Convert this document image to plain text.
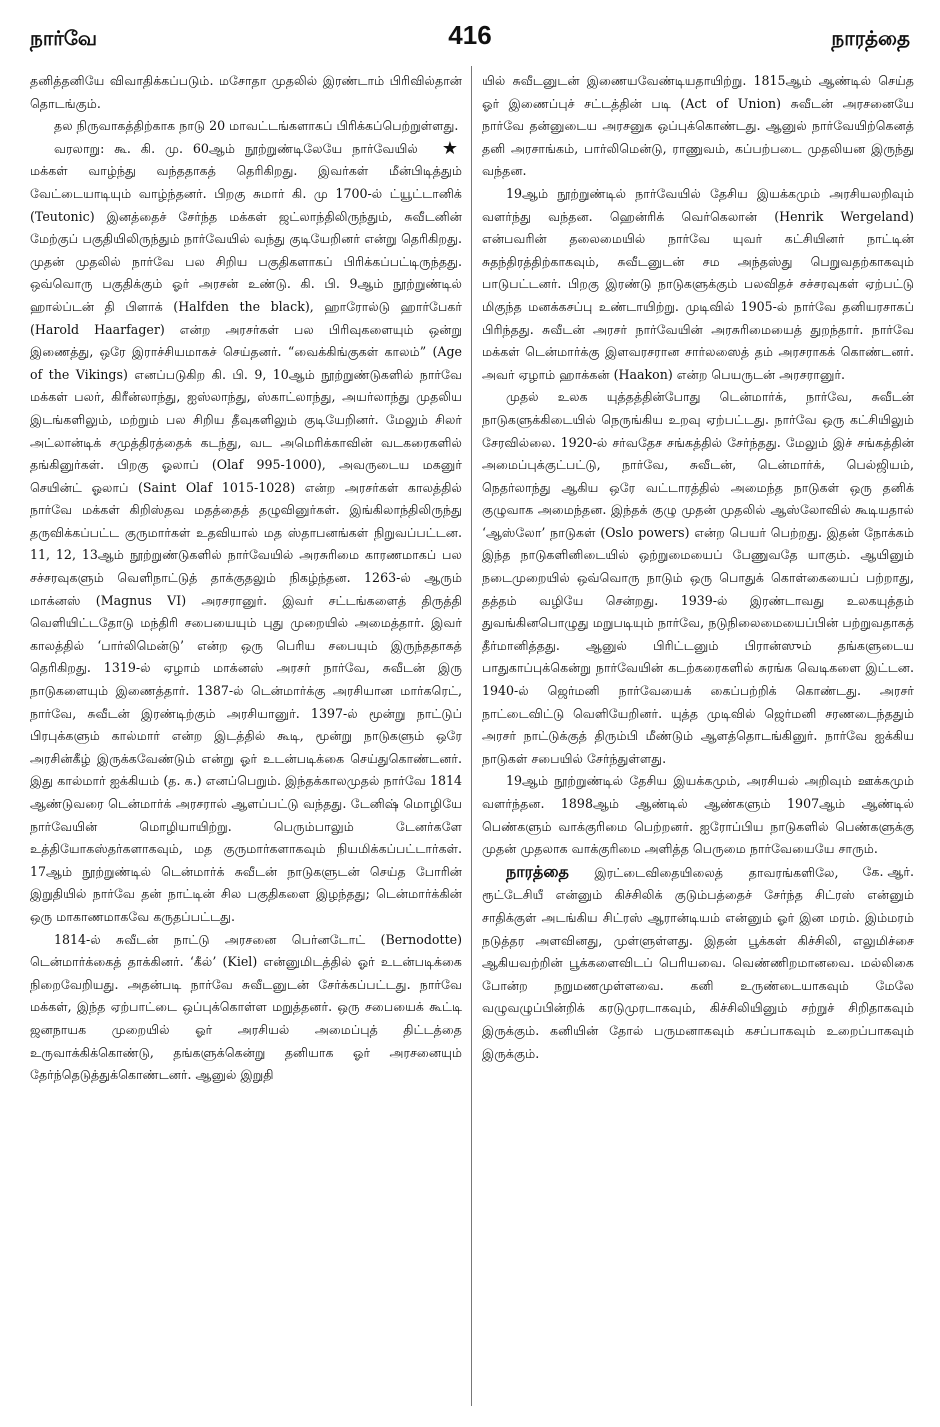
நார்வே	416	நாரத்தை

தனித்தனியே விவாதிக்கப்படும். மசோதா முதலில் இரண்டாம் பிரிவில்தான் தொடங்கும்.

தல நிருவாகத்திற்காக நாடு 20 மாவட்டங்களாகப் பிரிக்கப்பெற்றுள்ளது.
★

வரலாறு: கூ. கி. மு. 60ஆம் நூற்றுண்டிலேயே நார்வேயில் மக்கள் வாழ்ந்து வந்ததாகத் தெரிகிறது. இவர்கள் மீன்பிடித்தும் வேட்டையாடியும் வாழ்ந்தனர். பிறகு சுமார் கி. மு 1700-ல் ட்யூட்டானிக் (Teutonic) இனத்தைச் சேர்ந்த மக்கள் ஜட்லாந்திலிருந்தும், சுவீடனின் மேற்குப் பகுதியிலிருந்தும் நார்வேயில் வந்து குடியேறினர் என்று தெரிகிறது. முதன் முதலில் நார்வே பல சிறிய பகுதிகளாகப் பிரிக்கப்பட்டிருந்தது. ஒவ்வொரு பகுதிக்கும் ஓர் அரசன் உண்டு. கி. பி. 9ஆம் நூற்றுண்டில் ஹால்ப்டன் தி பிளாக் (Halfden the black), ஹாரோல்டு ஹார்பேகர் (Harold Haarfager) என்ற அரசர்கள் பல பிரிவுகளையும் ஒன்று இணைத்து, ஒரே இராச்சியமாகச் செய்தனர். “வைக்கிங்குகள் காலம்” (Age of the Vikings) எனப்படுகிற கி. பி. 9, 10ஆம் நூற்றுண்டுகளில் நார்வே மக்கள் பலர், கிரீன்லாந்து, ஐஸ்லாந்து, ஸ்காட்லாந்து, அயர்லாந்து முதலிய இடங்களிலும், மற்றும் பல சிறிய தீவுகளிலும் குடியேறினர். மேலும் சிலர் அட்லான்டிக் சமுத்திரத்தைக் கடந்து, வட அமெரிக்காவின் வடகரைகளில் தங்கினுர்கள். பிறகு ஓலாப் (Olaf 995-1000), அவருடைய மகனுர் செயின்ட் ஓலாப் (Saint Olaf 1015-1028) என்ற அரசர்கள் காலத்தில் நார்வே மக்கள் கிறிஸ்தவ மதத்தைத் தழுவினுர்கள். இங்கிலாந்திலிருந்து தருவிக்கப்பட்ட குருமார்கள் உதவியால் மத ஸ்தாபனங்கள் நிறுவப்பட்டன. 11, 12, 13ஆம் நூற்றுண்டுகளில் நார்வேயில் அரசுரிமை காரணமாகப் பல சச்சரவுகளும் வெளிநாட்டுத் தாக்குதலும் நிகழ்ந்தன. 1263-ல் ஆரும் மாக்னஸ் (Magnus VI) அரசரானுர். இவர் சட்டங்களைத் திருத்தி வெளியிட்டதோடு மந்திரி சபையையும் புது முறையில் அமைத்தார். இவர் காலத்தில் ‘பார்லிமென்டு’ என்ற ஒரு பெரிய சபையும் இருந்ததாகத் தெரிகிறது. 1319-ல் ஏழாம் மாக்னஸ் அரசர் நார்வே, சுவீடன் இரு நாடுகளையும் இணைத்தார். 1387-ல் டென்மார்க்கு அரசியான மார்கரெட், நார்வே, சுவீடன் இரண்டிற்கும் அரசியானுர். 1397-ல் மூன்று நாட்டுப் பிரபுக்களும் கால்மார் என்ற இடத்தில் கூடி, மூன்று நாடுகளும் ஒரே அரசின்கீழ் இருக்கவேண்டும் என்று ஓர் உடன்படிக்கை செய்துகொண்டனர். இது கால்மார் ஐக்கியம் (த. க.) எனப்பெறும். இந்தக்காலமுதல் நார்வே 1814 ஆண்டுவரை டென்மார்க் அரசரால் ஆளப்பட்டு வந்தது. டேனிஷ் மொழியே நார்வேயின் மொழியாயிற்று. பெரும்பாலும் டேனர்களே உத்தியோகஸ்தர்களாகவும், மத குருமார்களாகவும் நியமிக்கப்பட்டார்கள். 17ஆம் நூற்றுண்டில் டென்மார்க் சுவீடன் நாடுகளுடன் செய்த போரின் இறுதியில் நார்வே தன் நாட்டின் சில பகுதிகளை இழந்தது; டென்மார்க்கின் ஒரு மாகாணமாகவே கருதப்பட்டது.

1814-ல் சுவீடன் நாட்டு அரசனை பெர்னடோட் (Bernodotte) டென்மார்க்கைத் தாக்கினர். ‘கீல்’ (Kiel) என்னுமிடத்தில் ஓர் உடன்படிக்கை நிறைவேறியது. அதன்படி நார்வே சுவீடனுடன் சேர்க்கப்பட்டது. நார்வே மக்கள், இந்த ஏற்பாட்டை ஒப்புக்கொள்ள மறுத்தனர். ஒரு சபையைக் கூட்டி ஜனநாயக முறையில் ஓர் அரசியல் அமைப்புத் திட்டத்தை உருவாக்கிக்கொண்டு, தங்களுக்கென்று தனியாக ஓர் அரசனையும் தேர்ந்தெடுத்துக்கொண்டனர். ஆனுல் இறுதி

யில் சுவீடனுடன் இணையவேண்டியதாயிற்று. 1815ஆம் ஆண்டில் செய்த ஓர் இணைப்புச் சட்டத்தின் படி (Act of Union) சுவீடன் அரசனையே நார்வே தன்னுடைய அரசனுக ஒப்புக்கொண்டது. ஆனுல் நார்வேயிற்கெனத் தனி அரசாங்கம், பார்லிமென்டு, ராணுவம், கப்பற்படை முதலியன இருந்து வந்தன.

19ஆம் நூற்றுண்டில் நார்வேயில் தேசிய இயக்கமும் அரசியலறிவும் வளர்ந்து வந்தன. ஹென்ரிக் வெர்கெலான் (Henrik Wergeland) என்பவரின் தலைமையில் நார்வே யுவர் கட்சியினர் நாட்டின் சுதந்திரத்திற்காகவும், சுவீடனுடன் சம அந்தஸ்து பெறுவதற்காகவும் பாடுபட்டனர். பிறகு இரண்டு நாடுகளுக்கும் பலவிதச் சச்சரவுகள் ஏற்பட்டு மிகுந்த மனக்கசப்பு உண்டாயிற்று. முடிவில் 1905-ல் நார்வே தனியரசாகப் பிரிந்தது. சுவீடன் அரசர் நார்வேயின் அரசுரிமையைத் துறந்தார். நார்வே மக்கள் டென்மார்க்கு இளவரசரான சார்லஸைத் தம் அரசராகக் கொண்டனர். அவர் ஏழாம் ஹாக்கன் (Haakon) என்ற பெயருடன் அரசரானுர்.

முதல் உலக யுத்தத்தின்போது டென்மார்க், நார்வே, சுவீடன் நாடுகளுக்கிடையில் நெருங்கிய உறவு ஏற்பட்டது. நார்வே ஒரு கட்சியிலும் சேரவில்லை. 1920-ல் சர்வதேச சங்கத்தில் சேர்ந்தது. மேலும் இச் சங்கத்தின் அமைப்புக்குட்பட்டு, நார்வே, சுவீடன், டென்மார்க், பெல்ஜியம், நெதர்லாந்து ஆகிய ஒரே வட்டாரத்தில் அமைந்த நாடுகள் ஒரு தனிக் குழுவாக அமைந்தன. இந்தக் குழு முதன் முதலில் ஆஸ்லோவில் கூடியதால் ‘ஆஸ்லோ’ நாடுகள் (Oslo powers) என்ற பெயர் பெற்றது. இதன் நோக்கம் இந்த நாடுகளினிடையில் ஒற்றுமையைப் பேணுவதே யாகும். ஆயினும் நடைமுறையில் ஒவ்வொரு நாடும் ஒரு பொதுக் கொள்கையைப் பற்றாது, தத்தம் வழியே சென்றது. 1939-ல் இரண்டாவது உலகயுத்தம் துவங்கினபொழுது மறுபடியும் நார்வே, நடுநிலைமையைப்பின் பற்றுவதாகத் தீர்மானித்தது. ஆனுல் பிரிட்டனும் பிரான்ஸும் தங்களுடைய பாதுகாப்புக்கென்று நார்வேயின் கடற்கரைகளில் சுரங்க வெடிகளை இட்டன. 1940-ல் ஜெர்மனி நார்வேயைக் கைப்பற்றிக் கொண்டது. அரசர் நாட்டைவிட்டு வெளியேறினர். யுத்த முடிவில் ஜெர்மனி சரணடைந்ததும் அரசர் நாட்டுக்குத் திரும்பி மீண்டும் ஆளத்தொடங்கினுர். நார்வே ஐக்கிய நாடுகள் சபையில் சேர்ந்துள்ளது.

19ஆம் நூற்றுண்டில் தேசிய இயக்கமும், அரசியல் அறிவும் ஊக்கமும் வளர்ந்தன. 1898ஆம் ஆண்டில் ஆண்களும் 1907ஆம் ஆண்டில் பெண்களும் வாக்குரிமை பெற்றனர். ஐரோப்பிய நாடுகளில் பெண்களுக்கு முதன் முதலாக வாக்குரிமை அளித்த பெருமை நார்வேயையே சாரும்.
கே. ஆர்.

நாரத்தை இரட்டைவிதையிலைத் தாவரங்களிலே, ரூட்டேசியீ என்னும் கிச்சிலிக் குடும்பத்தைச் சேர்ந்த சிட்ரஸ் என்னும் சாதிக்குள் அடங்கிய சிட்ரஸ் ஆரான்டியம் என்னும் ஓர் இன மரம். இம்மரம் நடுத்தர அளவினது, முள்ளுள்ளது. இதன் பூக்கள் கிச்சிலி, எலுமிச்சை ஆகியவற்றின் பூக்களைவிடப் பெரியவை. வெண்ணிறமானவை. மல்லிகை போன்ற நறுமணமுள்ளவை. கனி உருண்டையாகவும் மேலே வழுவழுப்பின்றிக் கரடுமுரடாகவும், கிச்சிலியினும் சற்றுச் சிறிதாகவும் இருக்கும். கனியின் தோல் பருமனாகவும் கசப்பாகவும் உறைப்பாகவும் இருக்கும்.
